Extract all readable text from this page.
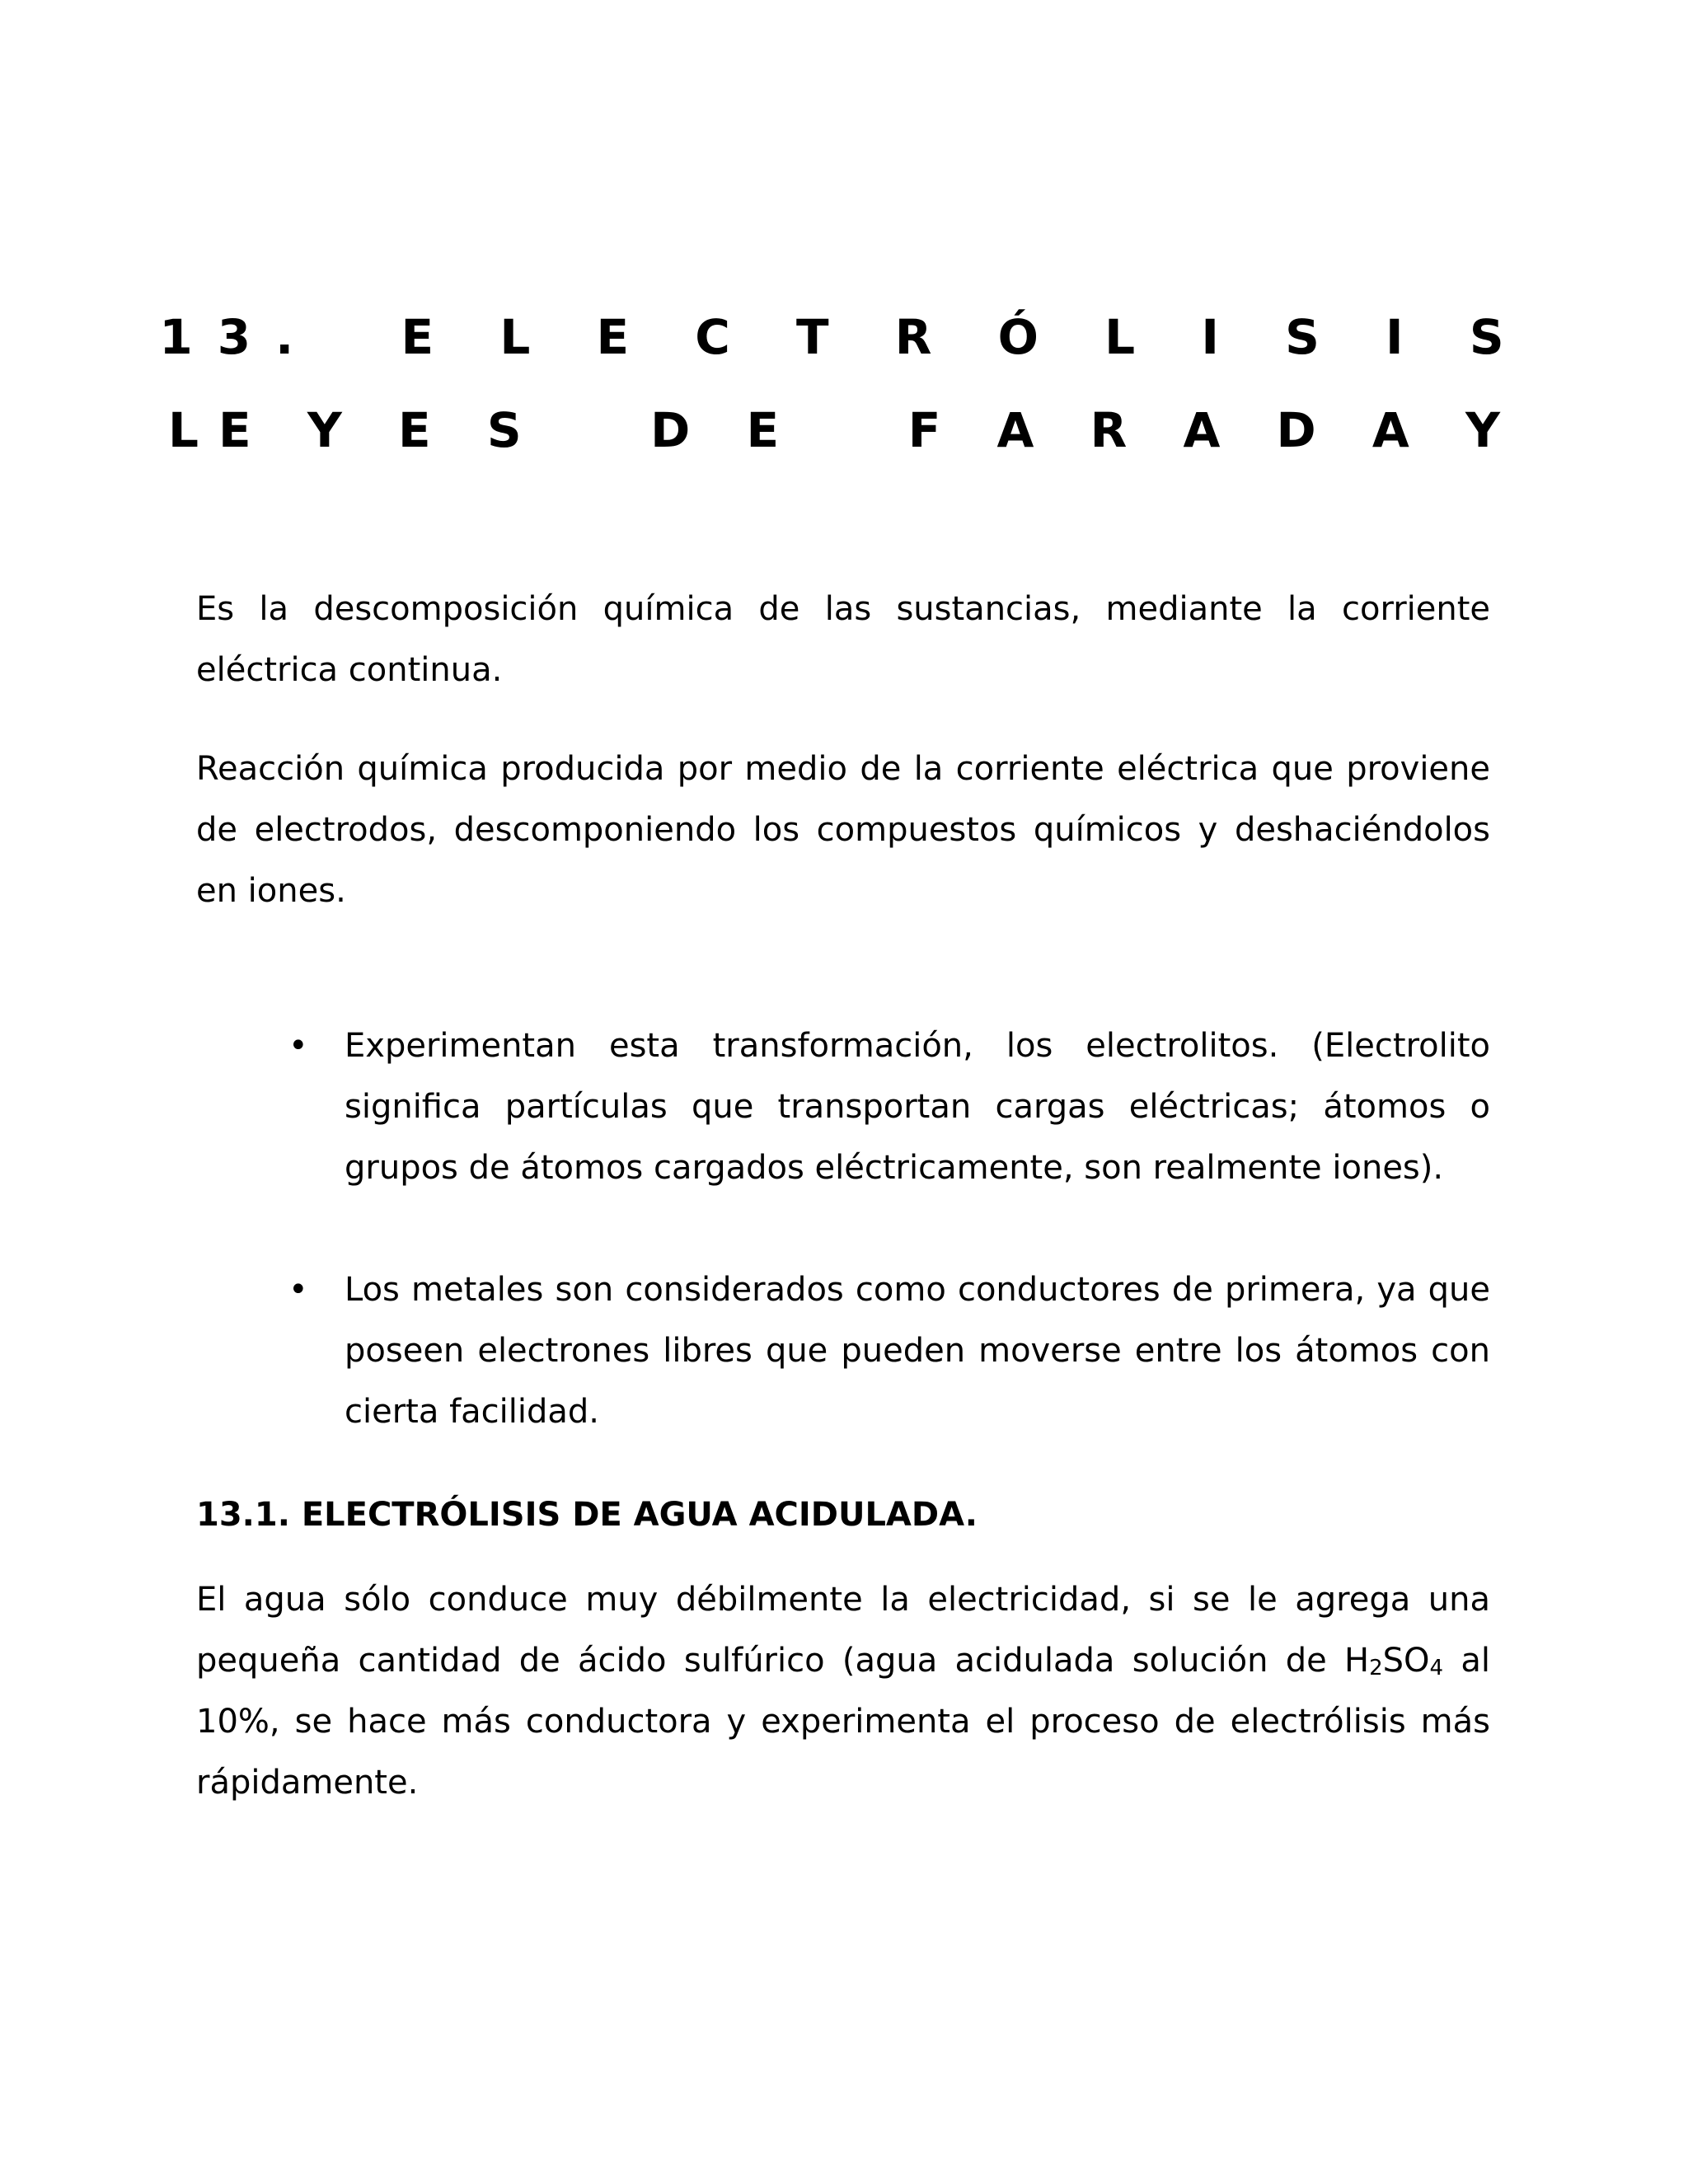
13.  E L E C T R Ó L I S I S
LE Y E S   D E   F A R A D A Y

Es la descomposición química de las sustancias, mediante la corriente eléctrica continua.

Reacción química producida por medio de la corriente eléctrica que proviene de electrodos, descomponiendo los compuestos químicos y deshaciéndolos en iones.

• Experimentan esta transformación, los electrolitos. (Electrolito significa partículas que transportan cargas eléctricas; átomos o grupos de átomos cargados eléctricamente, son realmente iones).

• Los metales son considerados como conductores de primera, ya que poseen electrones libres que pueden moverse entre los átomos con cierta facilidad.

13.1. ELECTRÓLISIS DE AGUA ACIDULADA.

El agua sólo conduce muy débilmente la electricidad, si se le agrega una pequeña cantidad de ácido sulfúrico (agua acidulada solución de $H_2SO_4$ al 10%, se hace más conductora y experimenta el proceso de electrólisis más rápidamente.
